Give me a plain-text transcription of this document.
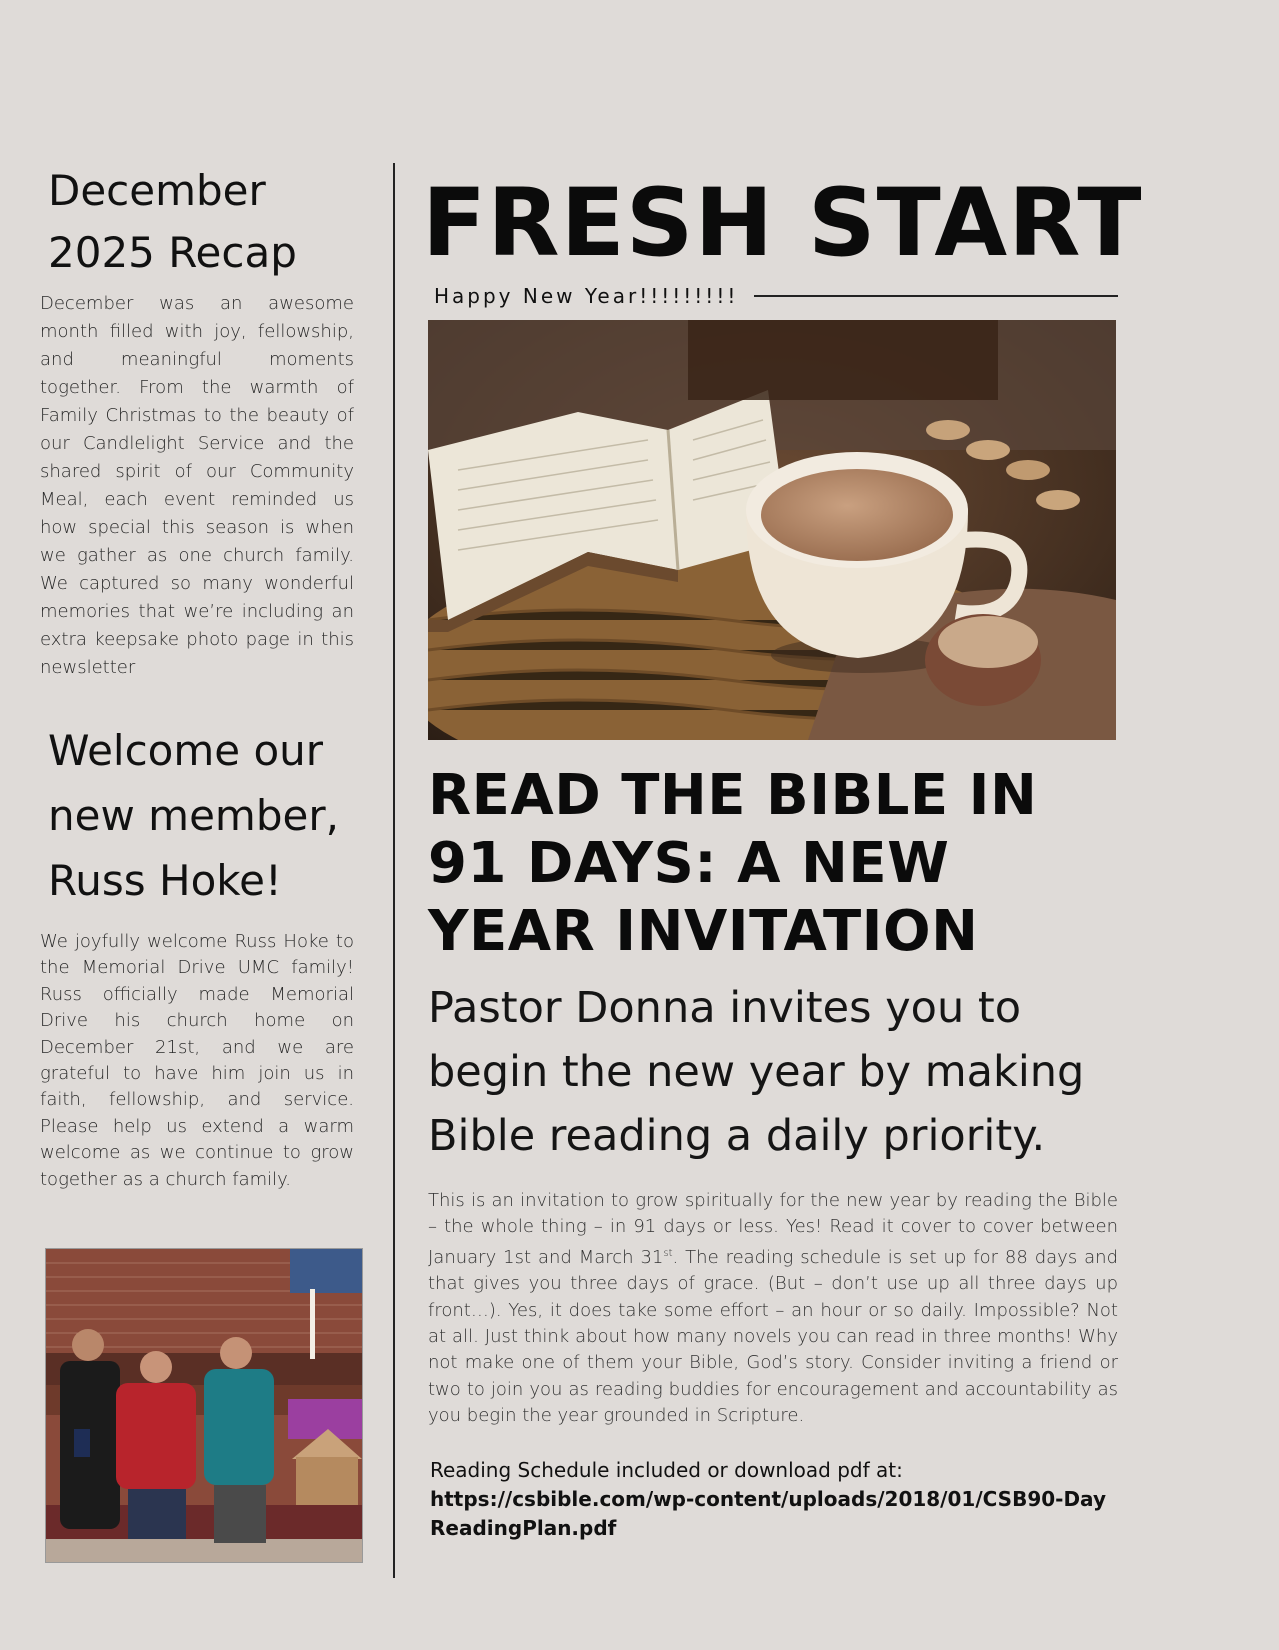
December 2025 Recap

December was an awesome month filled with joy, fellowship, and meaningful moments together. From the warmth of Family Christmas to the beauty of our Candlelight Service and the shared spirit of our Community Meal, each event reminded us how special this season is when we gather as one church family. We captured so many wonderful memories that we’re including an extra keepsake photo page in this newsletter

Welcome our new member, Russ Hoke!

We joyfully welcome Russ Hoke to the Memorial Drive UMC family! Russ officially made Memorial Drive his church home on December 21st, and we are grateful to have him join us in faith, fellowship, and service. Please help us extend a warm welcome as we continue to grow together as a church family.

FRESH START
Happy New Year!!!!!!!!!
READ THE BIBLE IN 91 DAYS: A NEW YEAR INVITATION

Pastor Donna invites you to begin the new year by making Bible reading a daily priority.

This is an invitation to grow spiritually for the new year by reading the Bible – the whole thing – in 91 days or less. Yes! Read it cover to cover between January 1st and March 31st. The reading schedule is set up for 88 days and that gives you three days of grace. (But – don’t use up all three days up front…). Yes, it does take some effort – an hour or so daily. Impossible? Not at all. Just think about how many novels you can read in three months! Why not make one of them your Bible, God’s story. Consider inviting a friend or two to join you as reading buddies for encouragement and accountability as you begin the year grounded in Scripture.

Reading Schedule included or download pdf at:

https://csbible.com/wp-content/uploads/2018/01/CSB90-DayReadingPlan.pdf
